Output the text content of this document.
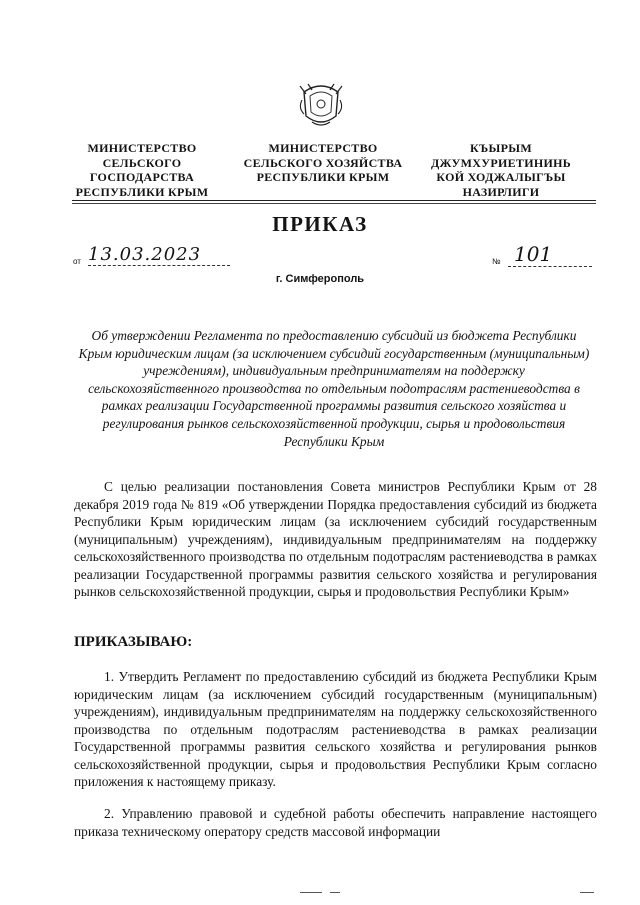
МИНИСТЕРСТВО
СЕЛЬСКОГО
ГОСПОДАРСТВА
РЕСПУБЛИКИ КРЫМ
МИНИСТЕРСТВО
СЕЛЬСКОГО ХОЗЯЙСТВА
РЕСПУБЛИКИ КРЫМ
КЪЫРЫМ
ДЖУМХУРИЕТИНИНЬ
КОЙ ХОДЖАЛЫГЪЫ
НАЗИРЛИГИ
ПРИКАЗ
от 13.03.2023	№ 101
г. Симферополь
Об утверждении Регламента по предоставлению субсидий из бюджета Республики Крым юридическим лицам (за исключением субсидий государственным (муниципальным) учреждениям), индивидуальным предпринимателям на поддержку сельскохозяйственного производства по отдельным подотраслям растениеводства в рамках реализации Государственной программы развития сельского хозяйства и регулирования рынков сельскохозяйственной продукции, сырья и продовольствия Республики Крым
С целью реализации постановления Совета министров Республики Крым от 28 декабря 2019 года № 819 «Об утверждении Порядка предоставления субсидий из бюджета Республики Крым юридическим лицам (за исключением субсидий государственным (муниципальным) учреждениям), индивидуальным предпринимателям на поддержку сельскохозяйственного производства по отдельным подотраслям растениеводства в рамках реализации Государственной программы развития сельского хозяйства и регулирования рынков сельскохозяйственной продукции, сырья и продовольствия Республики Крым»
ПРИКАЗЫВАЮ:
1. Утвердить Регламент по предоставлению субсидий из бюджета Республики Крым юридическим лицам (за исключением субсидий государственным (муниципальным) учреждениям), индивидуальным предпринимателям на поддержку сельскохозяйственного производства по отдельным подотраслям растениеводства в рамках реализации Государственной программы развития сельского хозяйства и регулирования рынков сельскохозяйственной продукции, сырья и продовольствия Республики Крым согласно приложения к настоящему приказу.
2. Управлению правовой и судебной работы обеспечить направление настоящего приказа техническому оператору средств массовой информации
